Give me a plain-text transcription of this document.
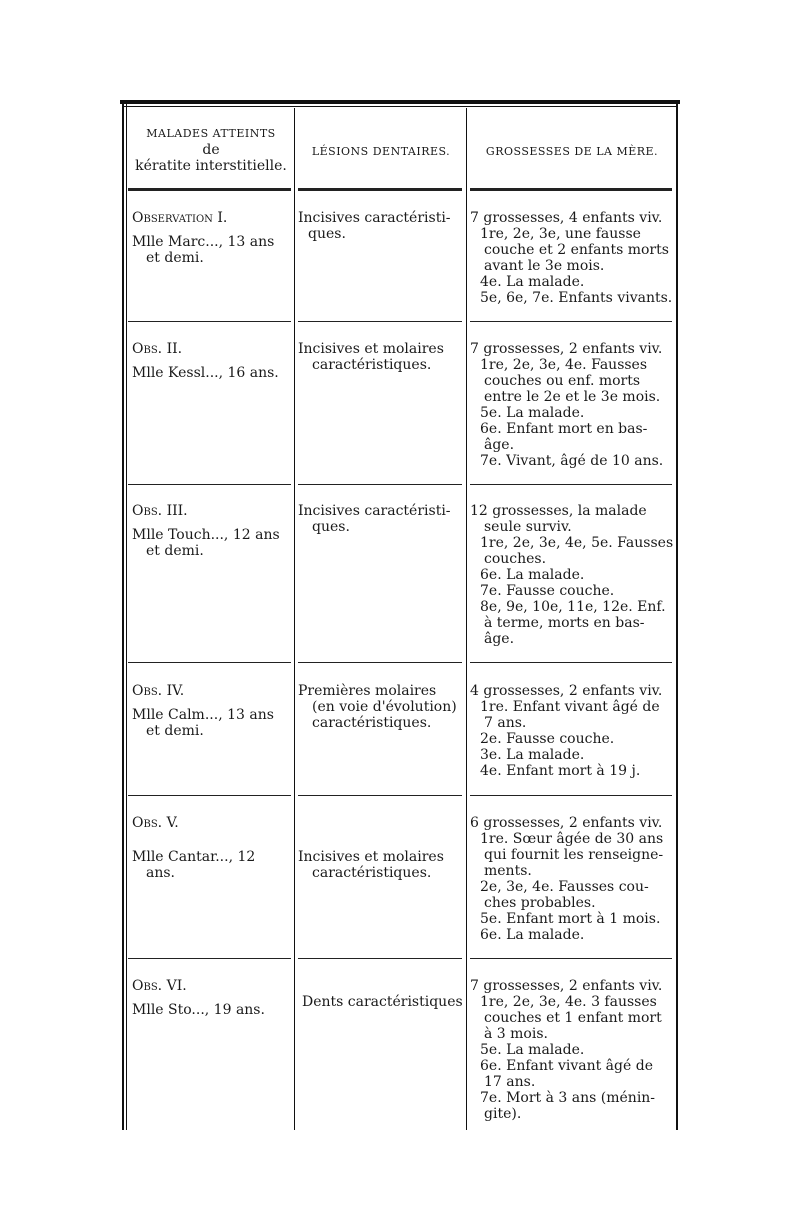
MALADES ATTEINTS
de
kératite interstitielle.
LÉSIONS DENTAIRES.	GROSSESSES DE LA MÈRE.
Observation I.
Mlle Marc..., 13 ans
et demi.
Incisives caractéristi-
ques.
7 grossesses, 4 enfants viv.
1re, 2e, 3e, une fausse
couche et 2 enfants morts
avant le 3e mois.
4e. La malade.
5e, 6e, 7e. Enfants vivants.
Obs. II.
Mlle Kessl..., 16 ans.
Incisives et molaires
caractéristiques.
7 grossesses, 2 enfants viv.
1re, 2e, 3e, 4e. Fausses
couches ou enf. morts
entre le 2e et le 3e mois.
5e. La malade.
6e. Enfant mort en bas-
âge.
7e. Vivant, âgé de 10 ans.
Obs. III.
Mlle Touch..., 12 ans
et demi.
Incisives caractéristi-
ques.
12 grossesses, la malade
seule surviv.
1re, 2e, 3e, 4e, 5e. Fausses
couches.
6e. La malade.
7e. Fausse couche.
8e, 9e, 10e, 11e, 12e. Enf.
à terme, morts en bas-
âge.
Obs. IV.
Mlle Calm..., 13 ans
et demi.
Premières molaires
(en voie d'évolution)
caractéristiques.
4 grossesses, 2 enfants viv.
1re. Enfant vivant âgé de
7 ans.
2e. Fausse couche.
3e. La malade.
4e. Enfant mort à 19 j.
Obs. V.
Mlle Cantar..., 12
ans.
Incisives et molaires
caractéristiques.
6 grossesses, 2 enfants viv.
1re. Sœur âgée de 30 ans
qui fournit les renseigne-
ments.
2e, 3e, 4e. Fausses cou-
ches probables.
5e. Enfant mort à 1 mois.
6e. La malade.
Obs. VI.
Mlle Sto..., 19 ans.	Dents caractéristiques
7 grossesses, 2 enfants viv.
1re, 2e, 3e, 4e. 3 fausses
couches et 1 enfant mort
à 3 mois.
5e. La malade.
6e. Enfant vivant âgé de
17 ans.
7e. Mort à 3 ans (ménin-
gite).
